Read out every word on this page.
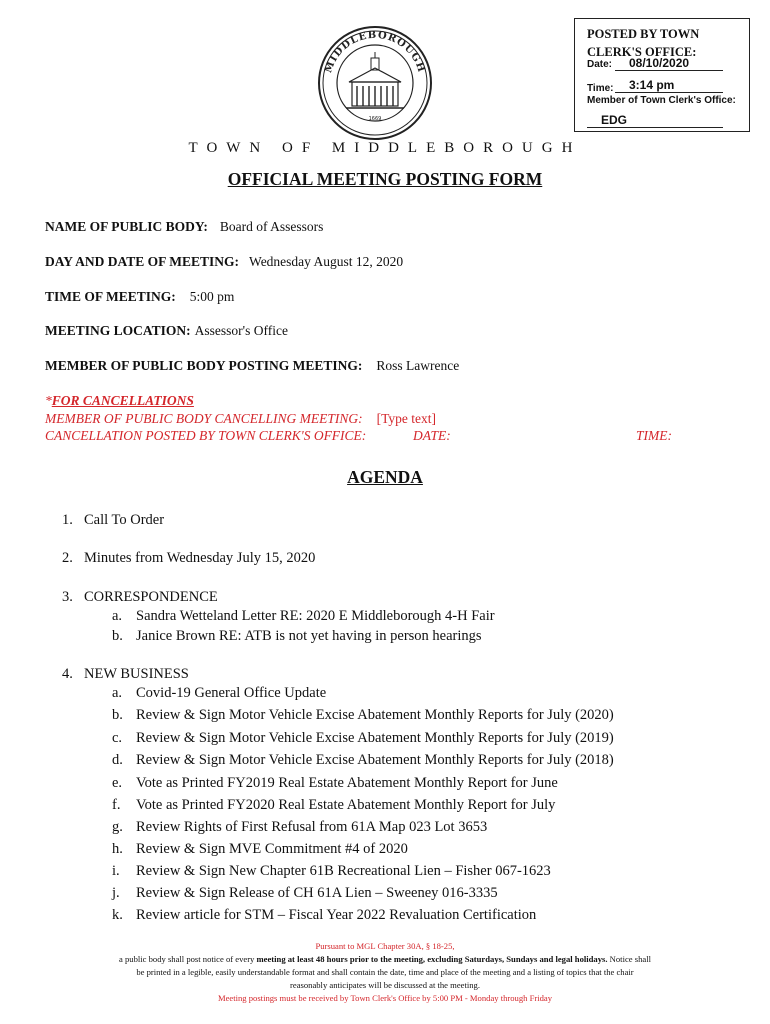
POSTED BY TOWN
CLERK'S OFFICE:
Date:	08/10/2020
Time:	3:14 pm
Member of Town Clerk's Office:
EDG
MIDDLEBOROUGH
1669
TOWN OF MIDDLEBOROUGH
OFFICIAL MEETING POSTING FORM
NAME OF PUBLIC BODY: Board of Assessors
DAY AND DATE OF MEETING: Wednesday August 12, 2020
TIME OF MEETING: 5:00 pm
MEETING LOCATION: Assessor's Office
MEMBER OF PUBLIC BODY POSTING MEETING: Ross Lawrence
*FOR CANCELLATIONS
MEMBER OF PUBLIC BODY CANCELLING MEETING: [Type text]
CANCELLATION POSTED BY TOWN CLERK'S OFFICE:	DATE:	TIME:
AGENDA
1. Call To Order
2. Minutes from Wednesday July 15, 2020
3. CORRESPONDENCE
a. Sandra Wetteland Letter RE: 2020 E Middleborough 4-H Fair
b. Janice Brown RE: ATB is not yet having in person hearings
4. NEW BUSINESS
a. Covid-19 General Office Update
b. Review & Sign Motor Vehicle Excise Abatement Monthly Reports for July (2020)
c. Review & Sign Motor Vehicle Excise Abatement Monthly Reports for July (2019)
d. Review & Sign Motor Vehicle Excise Abatement Monthly Reports for July (2018)
e. Vote as Printed FY2019 Real Estate Abatement Monthly Report for June
f. Vote as Printed FY2020 Real Estate Abatement Monthly Report for July
g. Review Rights of First Refusal from 61A Map 023 Lot 3653
h. Review & Sign MVE Commitment #4 of 2020
i. Review & Sign New Chapter 61B Recreational Lien – Fisher 067-1623
j. Review & Sign Release of CH 61A Lien – Sweeney 016-3335
k. Review article for STM – Fiscal Year 2022 Revaluation Certification
Pursuant to MGL Chapter 30A, § 18-25,
a public body shall post notice of every meeting at least 48 hours prior to the meeting, excluding Saturdays, Sundays and legal holidays. Notice shall
be printed in a legible, easily understandable format and shall contain the date, time and place of the meeting and a listing of topics that the chair
reasonably anticipates will be discussed at the meeting.
Meeting postings must be received by Town Clerk's Office by 5:00 PM - Monday through Friday
